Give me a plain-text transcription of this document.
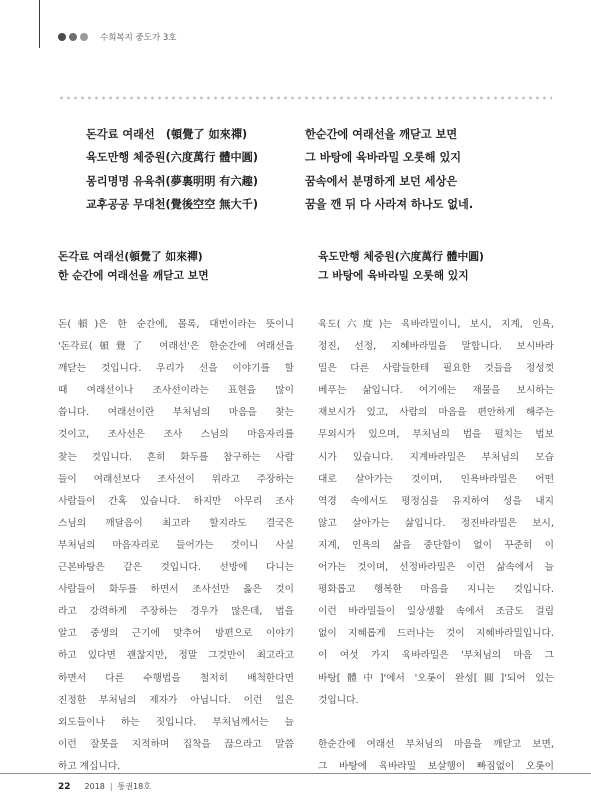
수희복지 중도가 3호
돈각료 여래선　(頓覺了 如來禪)	한순간에 여래선을 깨닫고 보면
육도만행 체중원(六度萬行 體中圓)	그 바탕에 육바라밀 오롯해 있지
몽리명명 유육취(夢裏明明 有六趣)	꿈속에서 분명하게 보던 세상은
교후공공 무대천(覺後空空 無大千)	꿈을 깬 뒤 다 사라져 하나도 없네.
돈각료 여래선(頓覺了 如來禪)
한 순간에 여래선을 깨닫고 보면
돈(頓)은 한 순간에, 몰록, 대번이라는 뜻이니
'돈각료(頓覺了 여래선'은 한순간에 여래선을
깨닫는 것입니다. 우리가 선을 이야기를 할
때 여래선이나 조사선이라는 표현을 많이
씁니다. 여래선이란 부처님의 마음을 찾는
것이고, 조사선은 조사 스님의 마음자리를
찾는 것입니다. 흔히 화두를 참구하는 사람
들이 여래선보다 조사선이 위라고 주장하는
사람들이 간혹 있습니다. 하지만 아무리 조사
스님의 깨달음이 최고라 할지라도 결국은
부처님의 마음자리로 들어가는 것이니 사실
근본바탕은 같은 것입니다. 선방에 다니는
사람들이 화두를 하면서 조사선만 옳은 것이
라고 강력하게 주장하는 경우가 많은데, 법을
알고 중생의 근기에 맞추어 방편으로 이야기
하고 있다면 괜찮지만, 정말 그것만이 최고라고
하면서 다른 수행법을 철저히 배척한다면
진정한 부처님의 제자가 아닙니다. 이런 일은
외도들이나 하는 짓입니다. 부처님께서는 늘
이런 잘못을 지적하며 집착을 끊으라고 말씀
하고 계십니다.
육도만행 체중원(六度萬行 體中圓)
그 바탕에 육바라밀 오롯해 있지
육도(六度)는 육바라밀이니, 보시, 지계, 인욕,
정진, 선정, 지혜바라밀을 말합니다. 보시바라
밀은 다른 사람들한테 필요한 것들을 정성껏
베푸는 삶입니다. 여기에는 재물을 보시하는
재보시가 있고, 사람의 마음을 편안하게 해주는
무외시가 있으며, 부처님의 법을 펼치는 법보
시가 있습니다. 지계바라밀은 부처님의 모습
대로 살아가는 것이며, 인욕바라밀은 어떤
역경 속에서도 평정심을 유지하여 성을 내지
않고 살아가는 삶입니다. 정진바라밀은 보시,
지계, 인욕의 삶을 중단함이 없이 꾸준히 이
어가는 것이며, 선정바라밀은 이런 삶속에서 늘
평화롭고 행복한 마음을 지니는 것입니다.
이런 바라밀들이 일상생활 속에서 조금도 걸림
없이 지혜롭게 드러나는 것이 지혜바라밀입니다.
이 여섯 가지 육바라밀은 '부처님의 마음 그
바탕[體中]'에서 '오롯이 완성[圓]'되어 있는
것입니다.
한순간에 여래선 부처님의 마음을 깨닫고 보면,
그 바탕에 육바라밀 보살행이 빠짐없이 오롯이
22 2018 | 통권18호
